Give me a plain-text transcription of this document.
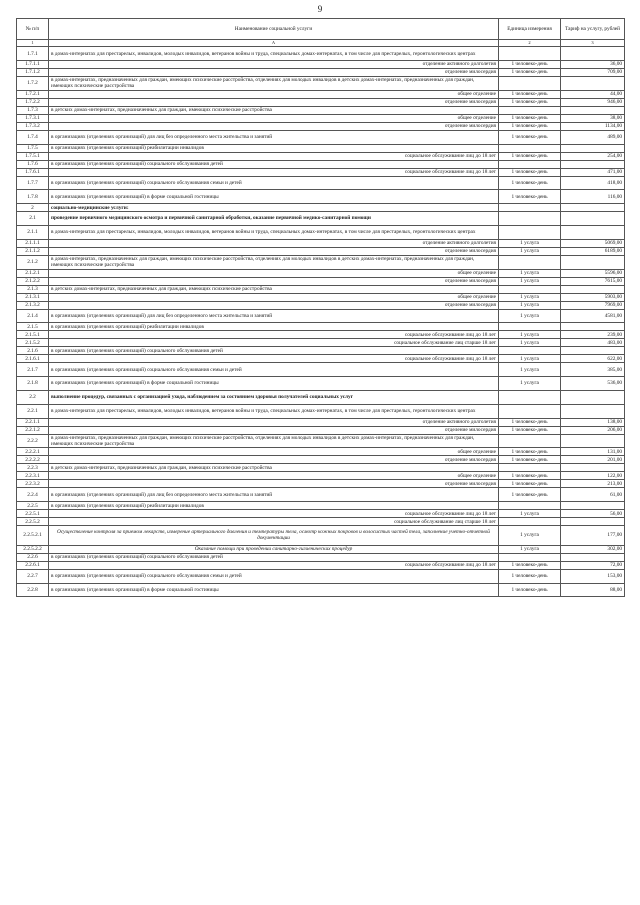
9
№ п/п	Наименование социальной услуги	Единица измерения	Тариф на услугу, рублей
1	A	2	3
1.7.1	в домах-интернатах для престарелых, инвалидов, молодых инвалидов, ветеранов войны и труда, специальных домах-интернатах, в том числе для престарелых, геронтологических центрах		
1.7.1.1	отделение активного долголетия	1 человеко-день	36,00
1.7.1.2	отделение милосердия	1 человеко-день	709,00
1.7.2	в домах-интернатах, предназначенных для граждан, имеющих психические расстройства, отделениях для молодых инвалидов в детских домах-интернатах, предназначенных для граждан, имеющих психические расстройства		
1.7.2.1	общее отделение	1 человеко-день	44,00
1.7.2.2	отделение милосердия	1 человеко-день	946,00
1.7.3	в детских домах-интернатах, предназначенных для граждан, имеющих психические расстройства		
1.7.3.1	общее отделение	1 человеко-день	38,00
1.7.3.2	отделение милосердия	1 человеко-день	1134,00
1.7.4	в организациях (отделениях организаций) для лиц без определенного места жительства и занятий	1 человеко-день	489,00
1.7.5	в организациях (отделениях организаций) реабилитации инвалидов		
1.7.5.1	социальное обслуживание лиц до 18 лет	1 человеко-день	254,00
1.7.6	в организациях (отделениях организаций) социального обслуживания детей		
1.7.6.1	социальное обслуживание лиц до 18 лет	1 человеко-день	471,00
1.7.7	в организациях (отделениях организаций) социального обслуживания семьи и детей	1 человеко-день	418,00
1.7.8	в организациях (отделениях организаций) в форме социальной гостиницы	1 человеко-день	116,00
2	социально-медицинские услуги:		
2.1	проведение первичного медицинского осмотра и первичной санитарной обработки, оказание первичной медико-санитарной помощи		
2.1.1	в домах-интернатах для престарелых, инвалидов, молодых инвалидов, ветеранов войны и труда, специальных домах-интернатах, в том числе для престарелых, геронтологических центрах		
2.1.1.1	отделение активного долголетия	1 услуга	5069,00
2.1.1.2	отделение милосердия	1 услуга	6189,00
2.1.2	в домах-интернатах, предназначенных для граждан, имеющих психические расстройства, отделениях для молодых инвалидов в детских домах-интернатах, предназначенных для граждан, имеющих психические расстройства		
2.1.2.1	общее отделение	1 услуга	5596,00
2.1.2.2	отделение милосердия	1 услуга	7615,00
2.1.3	в детских домах-интернатах, предназначенных для граждан, имеющих психические расстройства		
2.1.3.1	общее отделение	1 услуга	5903,00
2.1.3.2	отделение милосердия	1 услуга	7969,00
2.1.4	в организациях (отделениях организаций) для лиц без определенного места жительства и занятий	1 услуга	4581,00
2.1.5	в организациях (отделениях организаций) реабилитации инвалидов		
2.1.5.1	социальное обслуживание лиц до 18 лет	1 услуга	239,00
2.1.5.2	социальное обслуживание лиц старше 18 лет	1 услуга	483,00
2.1.6	в организациях (отделениях организаций) социального обслуживания детей		
2.1.6.1	социальное обслуживание лиц до 18 лет	1 услуга	622,00
2.1.7	в организациях (отделениях организаций) социального обслуживания семьи и детей	1 услуга	385,00
2.1.8	в организациях (отделениях организаций) в форме социальной гостиницы	1 услуга	536,00
2.2	выполнение процедур, связанных с организацией ухода, наблюдением за состоянием здоровья получателей социальных услуг		
2.2.1	в домах-интернатах для престарелых, инвалидов, молодых инвалидов, ветеранов войны и труда, специальных домах-интернатах, в том числе для престарелых, геронтологических центрах		
2.2.1.1	отделение активного долголетия	1 человеко-день	138,00
2.2.1.2	отделение милосердия	1 человеко-день	206,00
2.2.2	в домах-интернатах, предназначенных для граждан, имеющих психические расстройства, отделениях для молодых инвалидов в детских домах-интернатах, предназначенных для граждан, имеющих психические расстройства		
2.2.2.1	общее отделение	1 человеко-день	131,00
2.2.2.2	отделение милосердия	1 человеко-день	201,00
2.2.3	в детских домах-интернатах, предназначенных для граждан, имеющих психические расстройства		
2.2.3.1	общее отделение	1 человеко-день	122,00
2.2.3.2	отделение милосердия	1 человеко-день	213,00
2.2.4	в организациях (отделениях организаций) для лиц без определенного места жительства и занятий	1 человеко-день	61,00
2.2.5	в организациях (отделениях организаций) реабилитации инвалидов		
2.2.5.1	социальное обслуживание лиц до 18 лет	1 услуга	56,00
2.2.5.2	социальное обслуживание лиц старше 18 лет		
2.2.5.2.1	Осуществление контроля за приемом лекарств, измерение артериального давления и температуры тела, осмотр кожных покровов и волосистых частей тела, заполнение учетно-отчетной документации	1 услуга	177,00
2.2.5.2.2	Оказание помощи при проведении санитарно-гигиенических процедур	1 услуга	302,00
2.2.6	в организациях (отделениях организаций) социального обслуживания детей		
2.2.6.1	социальное обслуживание лиц до 18 лет	1 человеко-день	72,00
2.2.7	в организациях (отделениях организаций) социального обслуживания семьи и детей	1 человеко-день	153,00
2.2.8	в организациях (отделениях организаций) в форме социальной гостиницы	1 человеко-день	88,00
